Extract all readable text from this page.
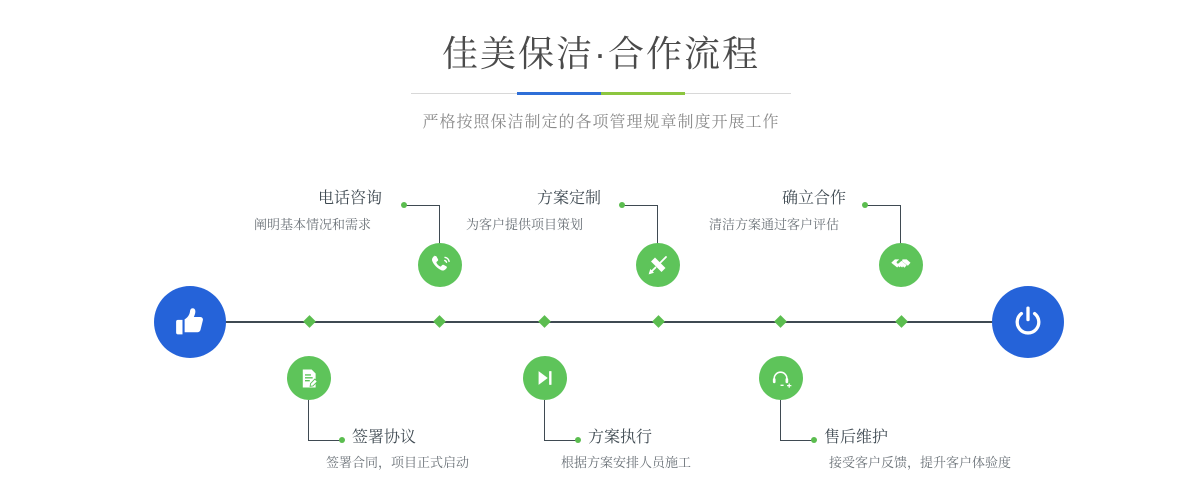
佳美保洁·合作流程
严格按照保洁制定的各项管理规章制度开展工作
电话咨询
阐明基本情况和需求
签署协议
签署合同，项目正式启动
方案定制
为客户提供项目策划
方案执行
根据方案安排人员施工
确立合作
清洁方案通过客户评估
售后维护
接受客户反馈，提升客户体验度
